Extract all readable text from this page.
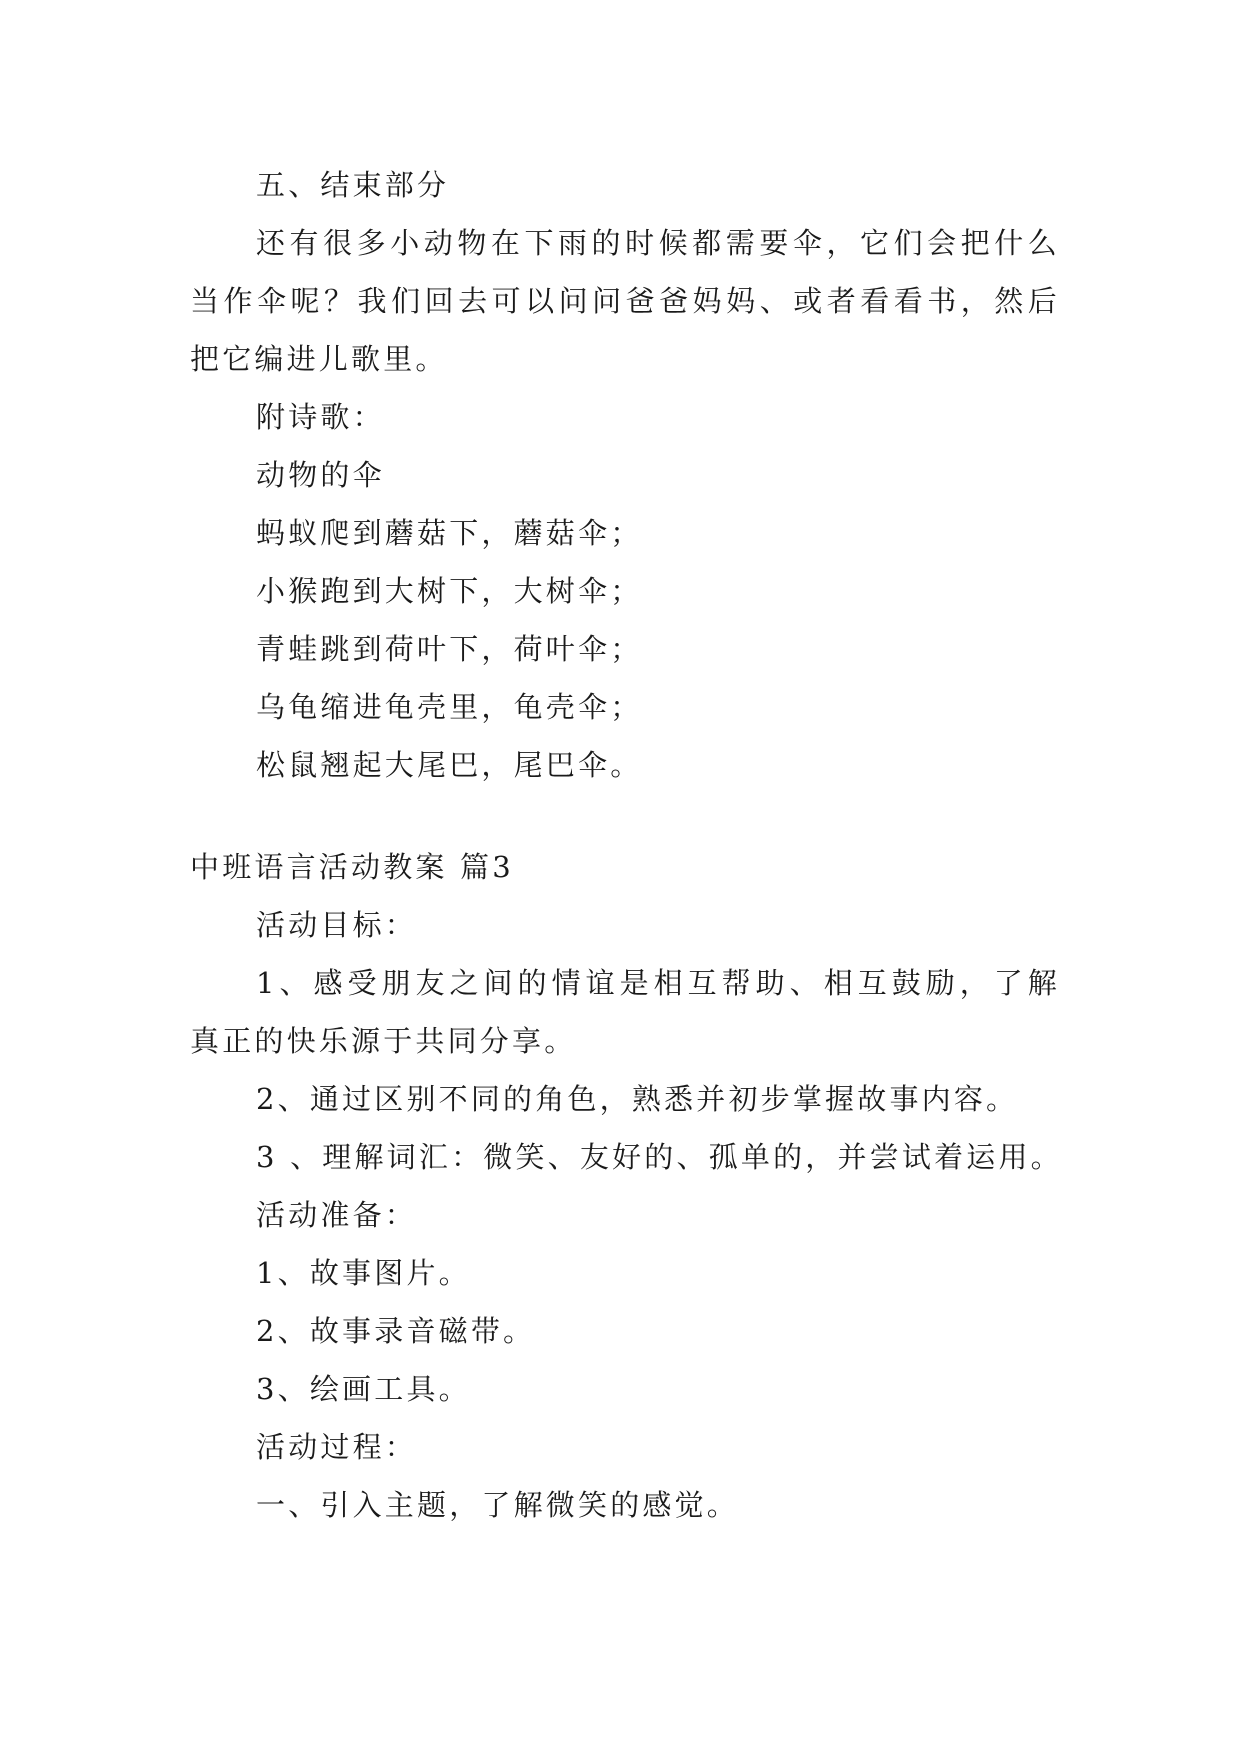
五、结束部分
还有很多小动物在下雨的时候都需要伞，它们会把什么
当作伞呢？我们回去可以问问爸爸妈妈、或者看看书，然后
把它编进儿歌里。
附诗歌：
动物的伞
蚂蚁爬到蘑菇下，蘑菇伞；
小猴跑到大树下，大树伞；
青蛙跳到荷叶下，荷叶伞；
乌龟缩进龟壳里，龟壳伞；
松鼠翘起大尾巴，尾巴伞。
中班语言活动教案 篇3
活动目标：
1、感受朋友之间的情谊是相互帮助、相互鼓励，了解
真正的快乐源于共同分享。
2、通过区别不同的角色，熟悉并初步掌握故事内容。
3 、理解词汇：微笑、友好的、孤单的，并尝试着运用。
活动准备：
1、故事图片。
2、故事录音磁带。
3、绘画工具。
活动过程：
一、引入主题，了解微笑的感觉。
